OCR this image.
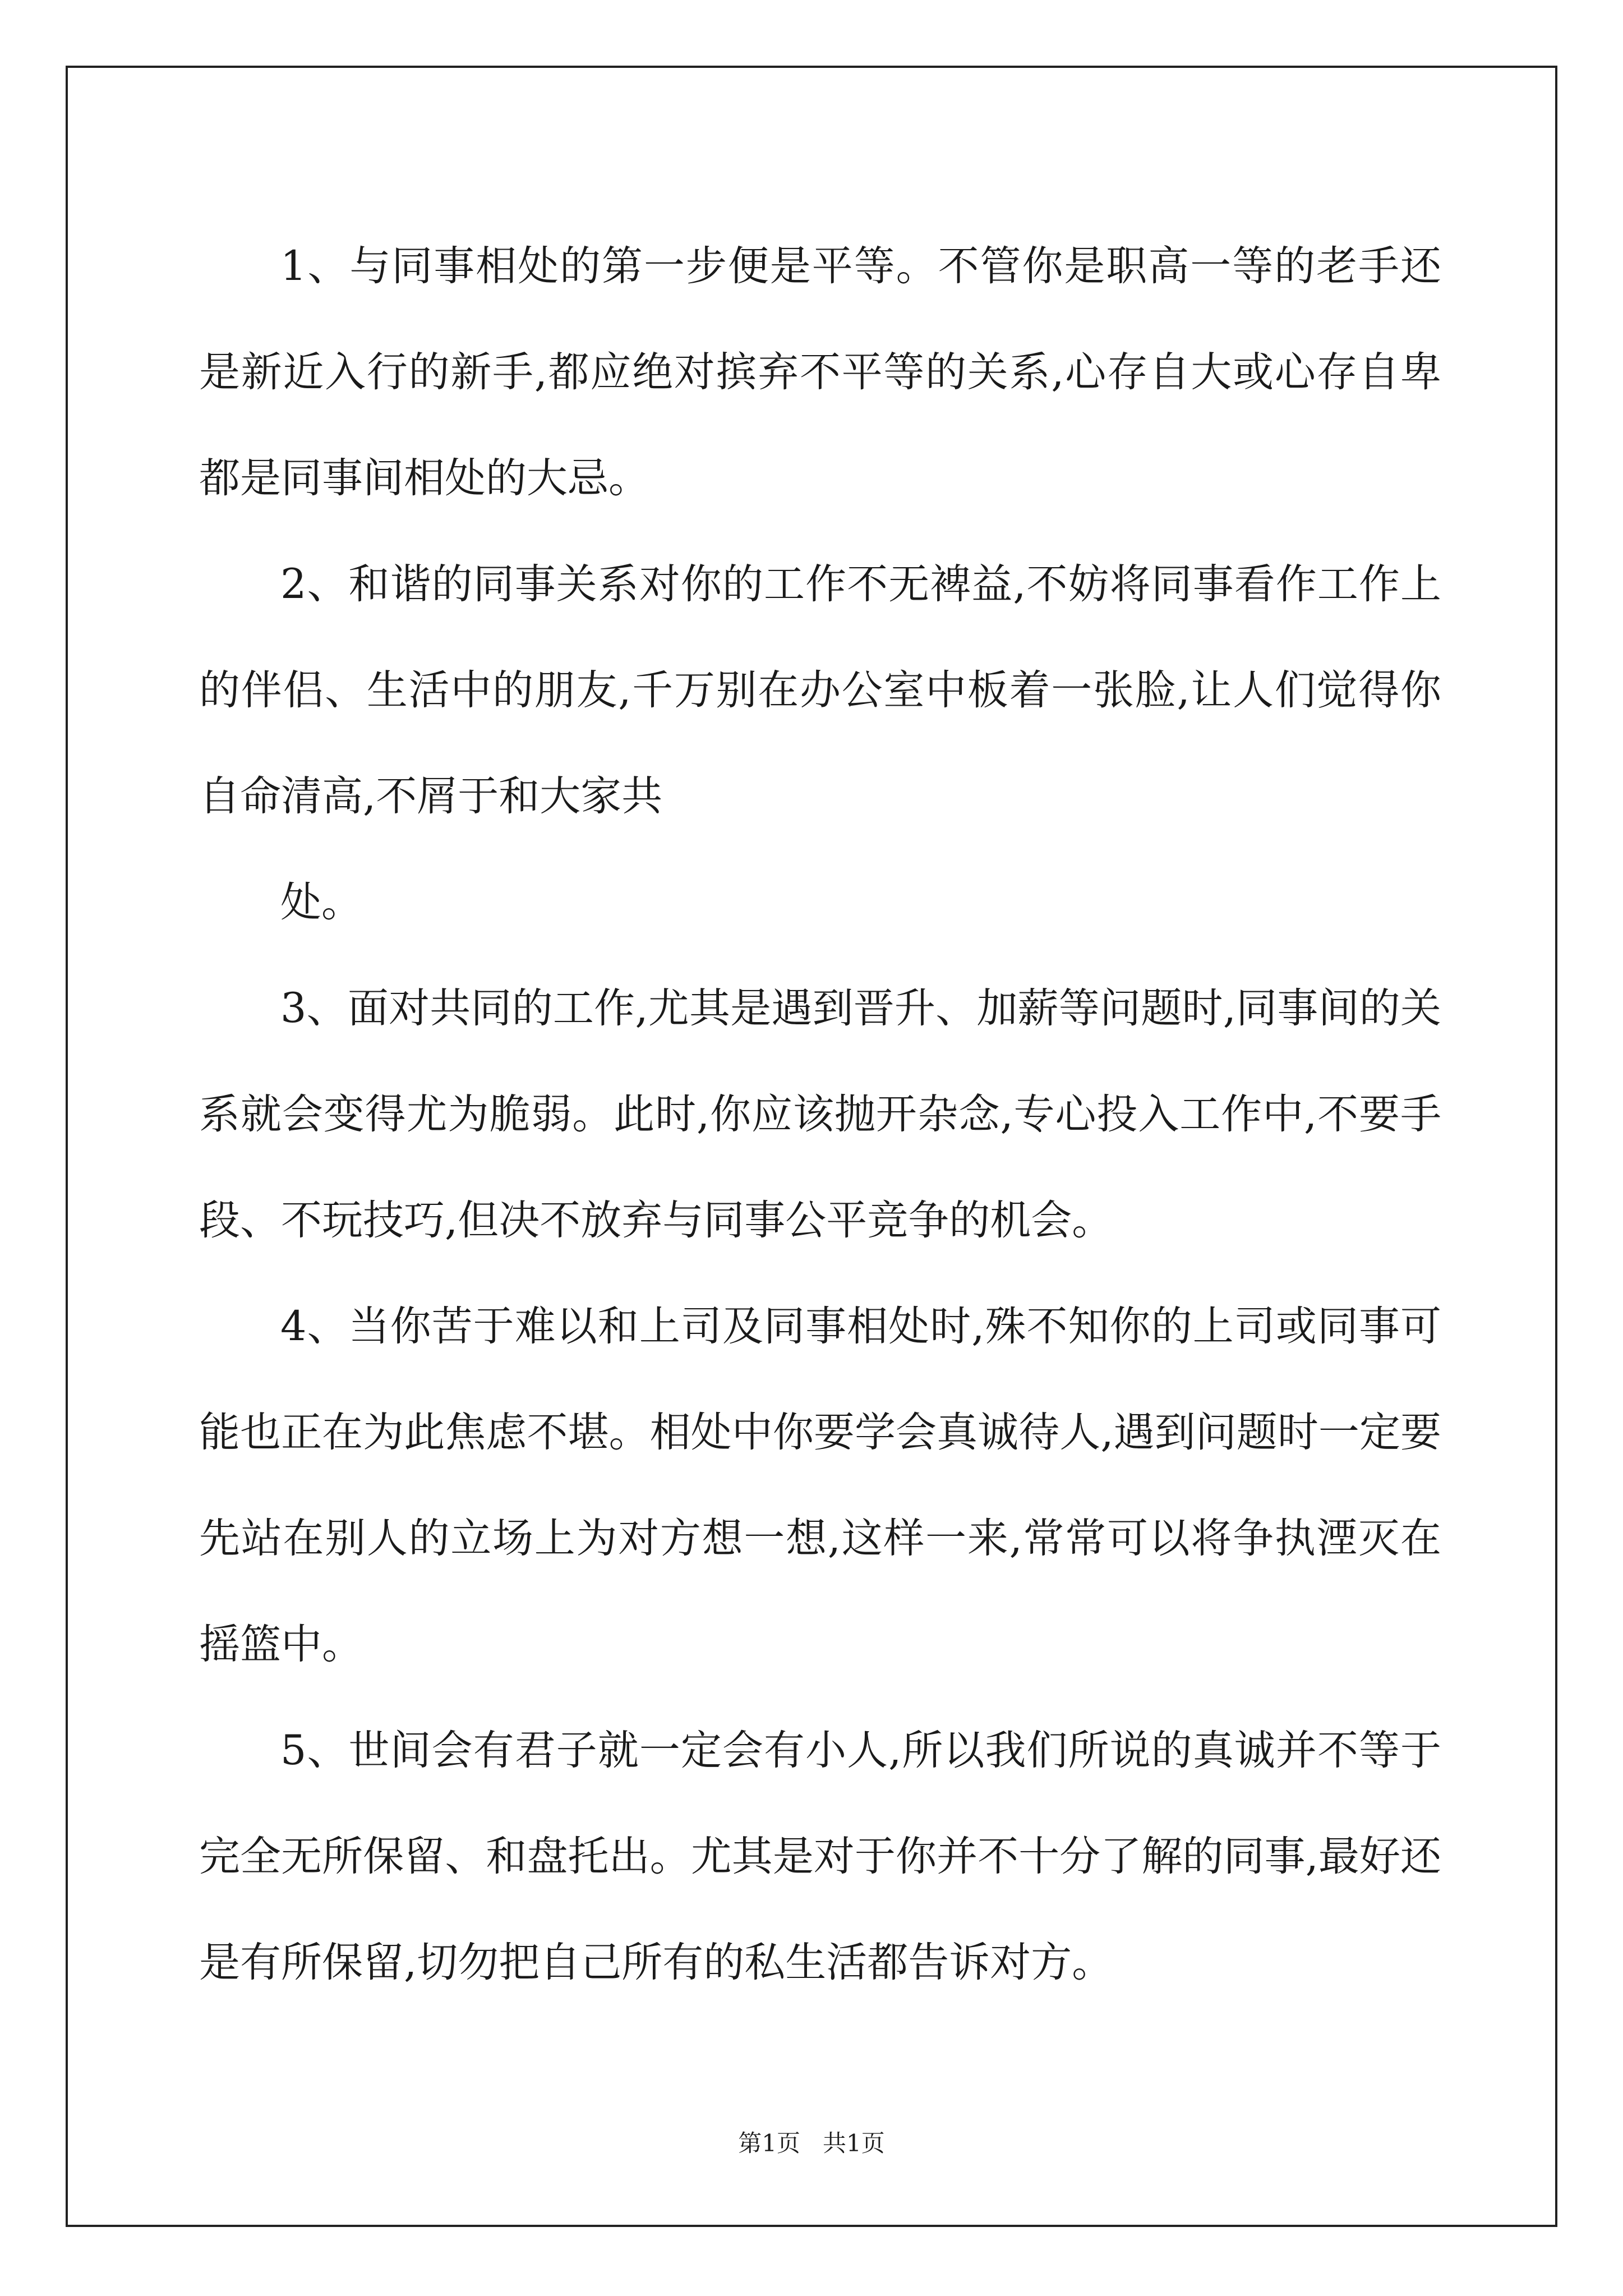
1、与同事相处的第一步便是平等。不管你是职高一等的老手还是新近入行的新手,都应绝对摈弃不平等的关系,心存自大或心存自卑都是同事间相处的大忌。

2、和谐的同事关系对你的工作不无裨益,不妨将同事看作工作上的伴侣、生活中的朋友,千万别在办公室中板着一张脸,让人们觉得你自命清高,不屑于和大家共

处。

3、面对共同的工作,尤其是遇到晋升、加薪等问题时,同事间的关系就会变得尤为脆弱。此时,你应该抛开杂念,专心投入工作中,不要手段、不玩技巧,但决不放弃与同事公平竞争的机会。

4、当你苦于难以和上司及同事相处时,殊不知你的上司或同事可能也正在为此焦虑不堪。相处中你要学会真诚待人,遇到问题时一定要先站在别人的立场上为对方想一想,这样一来,常常可以将争执湮灭在摇篮中。

5、世间会有君子就一定会有小人,所以我们所说的真诚并不等于完全无所保留、和盘托出。尤其是对于你并不十分了解的同事,最好还是有所保留,切勿把自己所有的私生活都告诉对方。

第1页   共1页
